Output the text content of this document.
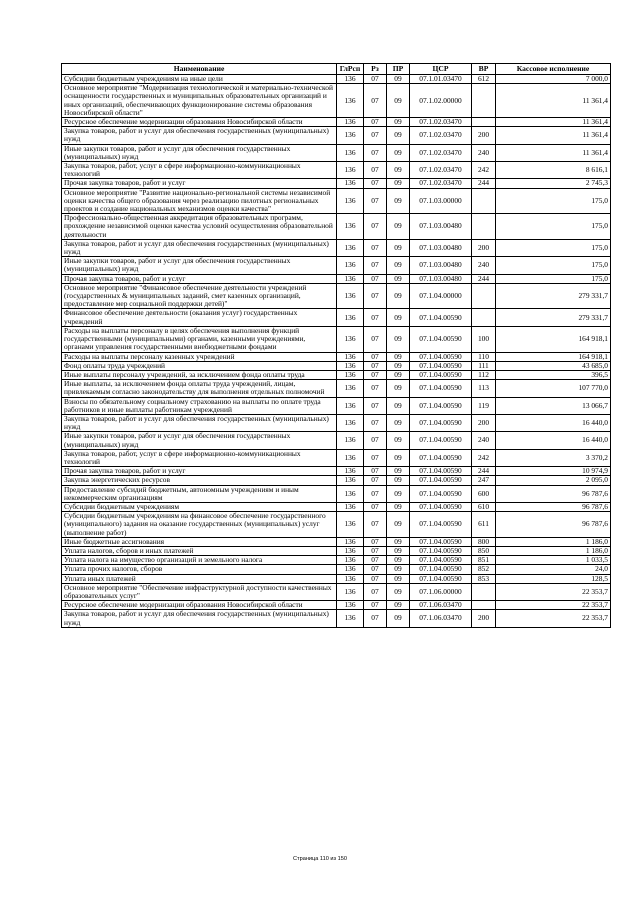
Наименование	ГлРсп	Рз	ПР	ЦСР	ВР	Кассовое исполнение
Субсидии бюджетным учреждениям на иные цели	136	07	09	07.1.01.03470	612	7 000,0
Основное мероприятие "Модернизация технологической и материально-технической оснащенности государственных и муниципальных образовательных организаций и иных организаций, обеспечивающих функционирование системы образования Новосибирской области"	136	07	09	07.1.02.00000		11 361,4
Ресурсное обеспечение модернизации образования Новосибирской области	136	07	09	07.1.02.03470		11 361,4
Закупка товаров, работ и услуг для обеспечения государственных (муниципальных) нужд	136	07	09	07.1.02.03470	200	11 361,4
Иные закупки товаров, работ и услуг для обеспечения государственных (муниципальных) нужд	136	07	09	07.1.02.03470	240	11 361,4
Закупка товаров, работ, услуг в сфере информационно-коммуникационных технологий	136	07	09	07.1.02.03470	242	8 616,1
Прочая закупка товаров, работ и услуг	136	07	09	07.1.02.03470	244	2 745,3
Основное мероприятие "Развитие национально-региональной системы независимой оценки качества общего образования через реализацию пилотных региональных проектов и создание национальных механизмов оценки качества"	136	07	09	07.1.03.00000		175,0
Профессионально-общественная аккредитация образовательных программ, прохождение независимой оценки качества условий осуществления образовательной деятельности	136	07	09	07.1.03.00480		175,0
Закупка товаров, работ и услуг для обеспечения государственных (муниципальных) нужд	136	07	09	07.1.03.00480	200	175,0
Иные закупки товаров, работ и услуг для обеспечения государственных (муниципальных) нужд	136	07	09	07.1.03.00480	240	175,0
Прочая закупка товаров, работ и услуг	136	07	09	07.1.03.00480	244	175,0
Основное мероприятие "Финансовое обеспечение деятельности учреждений (государственных & муниципальных заданий, смет казенных организаций, предоставление мер социальной поддержки детей)"	136	07	09	07.1.04.00000		279 331,7
Финансовое обеспечение деятельности (оказания услуг) государственных учреждений	136	07	09	07.1.04.00590		279 331,7
Расходы на выплаты персоналу в целях обеспечения выполнения функций государственными (муниципальными) органами, казенными учреждениями, органами управления государственными внебюджетными фондами	136	07	09	07.1.04.00590	100	164 918,1
Расходы на выплаты персоналу казенных учреждений	136	07	09	07.1.04.00590	110	164 918,1
Фонд оплаты труда учреждений	136	07	09	07.1.04.00590	111	43 685,0
Иные выплаты персоналу учреждений, за исключением фонда оплаты труда	136	07	09	07.1.04.00590	112	396,5
Иные выплаты, за исключением фонда оплаты труда учреждений, лицам, привлекаемым согласно законодательству для выполнения отдельных полномочий	136	07	09	07.1.04.00590	113	107 770,0
Взносы по обязательному социальному страхованию на выплаты по оплате труда работников и иные выплаты работникам учреждений	136	07	09	07.1.04.00590	119	13 066,7
Закупка товаров, работ и услуг для обеспечения государственных (муниципальных) нужд	136	07	09	07.1.04.00590	200	16 440,0
Иные закупки товаров, работ и услуг для обеспечения государственных (муниципальных) нужд	136	07	09	07.1.04.00590	240	16 440,0
Закупка товаров, работ, услуг в сфере информационно-коммуникационных технологий	136	07	09	07.1.04.00590	242	3 370,2
Прочая закупка товаров, работ и услуг	136	07	09	07.1.04.00590	244	10 974,9
Закупка энергетических ресурсов	136	07	09	07.1.04.00590	247	2 095,0
Предоставление субсидий бюджетным, автономным учреждениям и иным некоммерческим организациям	136	07	09	07.1.04.00590	600	96 787,6
Субсидии бюджетным учреждениям	136	07	09	07.1.04.00590	610	96 787,6
Субсидии бюджетным учреждениям на финансовое обеспечение государственного (муниципального) задания на оказание государственных (муниципальных) услуг (выполнение работ)	136	07	09	07.1.04.00590	611	96 787,6
Иные бюджетные ассигнования	136	07	09	07.1.04.00590	800	1 186,0
Уплата налогов, сборов и иных платежей	136	07	09	07.1.04.00590	850	1 186,0
Уплата налога на имущество организаций и земельного налога	136	07	09	07.1.04.00590	851	1 033,5
Уплата прочих налогов, сборов	136	07	09	07.1.04.00590	852	24,0
Уплата иных платежей	136	07	09	07.1.04.00590	853	128,5
Основное мероприятие "Обеспечение инфраструктурной доступности качественных образовательных услуг"	136	07	09	07.1.06.00000		22 353,7
Ресурсное обеспечение модернизации образования Новосибирской области	136	07	09	07.1.06.03470		22 353,7
Закупка товаров, работ и услуг для обеспечения государственных (муниципальных) нужд	136	07	09	07.1.06.03470	200	22 353,7
Страница 110 из 150
